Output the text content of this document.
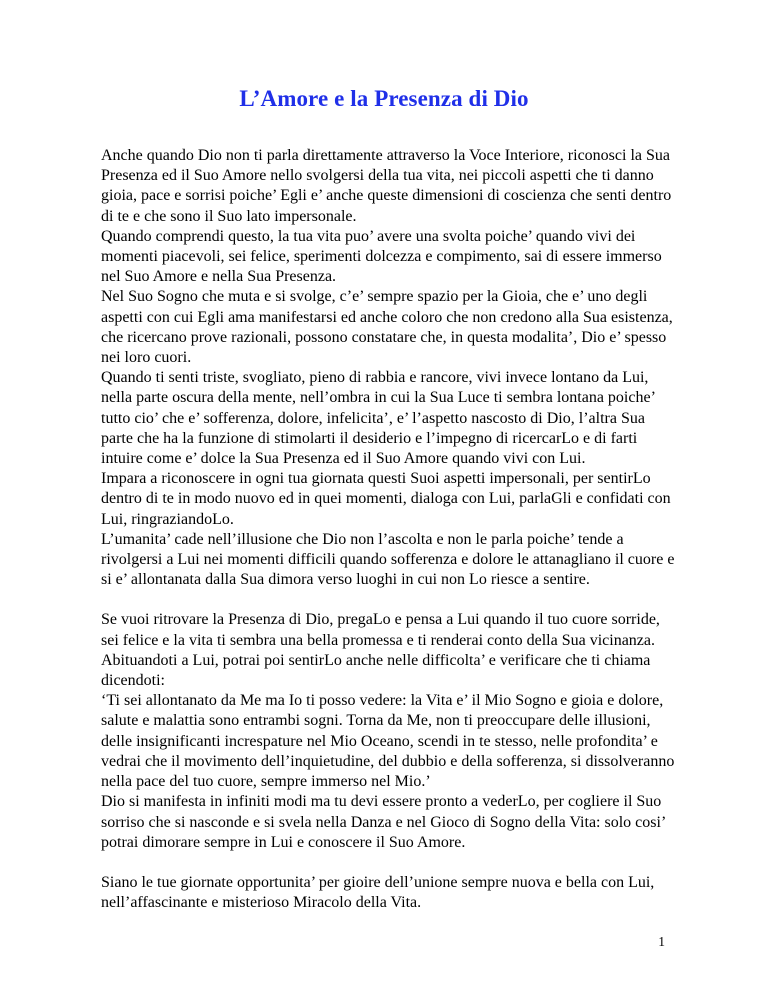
L’Amore e la Presenza di Dio

Anche quando Dio non ti parla direttamente attraverso la Voce Interiore, riconosci la Sua Presenza ed il Suo Amore nello svolgersi della tua vita, nei piccoli aspetti che ti danno gioia, pace e sorrisi poiche’ Egli e’ anche queste dimensioni di coscienza che senti dentro di te e che sono il Suo lato impersonale.

Quando comprendi questo, la tua vita puo’ avere una svolta poiche’ quando vivi dei momenti piacevoli, sei felice, sperimenti dolcezza e compimento, sai di essere immerso nel Suo Amore e nella Sua Presenza.

Nel Suo Sogno che muta e si svolge, c’e’ sempre spazio per la Gioia, che e’ uno degli aspetti con cui Egli ama manifestarsi ed anche coloro che non credono alla Sua esistenza, che ricercano prove razionali, possono constatare che, in questa modalita’, Dio e’ spesso nei loro cuori.

Quando ti senti triste, svogliato, pieno di rabbia e rancore, vivi invece lontano da Lui, nella parte oscura della mente, nell’ombra in cui la Sua Luce ti sembra lontana poiche’ tutto cio’ che e’ sofferenza, dolore, infelicita’, e’ l’aspetto nascosto di Dio, l’altra Sua parte che ha la funzione di stimolarti il desiderio e l’impegno di ricercarLo e di farti intuire come e’ dolce la Sua Presenza ed il Suo Amore quando vivi con Lui.

Impara a riconoscere in ogni tua giornata questi Suoi aspetti impersonali, per sentirLo dentro di te in modo nuovo ed in quei momenti, dialoga con Lui, parlaGli e confidati con Lui, ringraziandoLo.

L’umanita’ cade nell’illusione che Dio non l’ascolta e non le parla poiche’ tende a rivolgersi a Lui nei momenti difficili quando sofferenza e dolore le attanagliano il cuore e si e’ allontanata dalla Sua dimora verso luoghi in cui non Lo riesce a sentire.

Se vuoi ritrovare la Presenza di Dio, pregaLo e pensa a Lui quando il tuo cuore sorride, sei felice e la vita ti sembra una bella promessa e ti renderai conto della Sua vicinanza.

Abituandoti a Lui, potrai poi sentirLo anche nelle difficolta’ e verificare che ti chiama dicendoti:

‘Ti sei allontanato da Me ma Io ti posso vedere: la Vita e’ il Mio Sogno e gioia e dolore, salute e malattia sono entrambi sogni. Torna da Me, non ti preoccupare delle illusioni, delle insignificanti increspature nel Mio Oceano, scendi in te stesso, nelle profondita’ e vedrai che il movimento dell’inquietudine, del dubbio e della sofferenza, si dissolveranno nella pace del tuo cuore, sempre immerso nel Mio.’

Dio si manifesta in infiniti modi ma tu devi essere pronto a vederLo, per cogliere il Suo sorriso che si nasconde e si svela nella Danza e nel Gioco di Sogno della Vita: solo cosi’ potrai dimorare sempre in Lui e conoscere il Suo Amore.

Siano le tue giornate opportunita’ per gioire dell’unione sempre nuova e bella con Lui, nell’affascinante e misterioso Miracolo della Vita.

1
